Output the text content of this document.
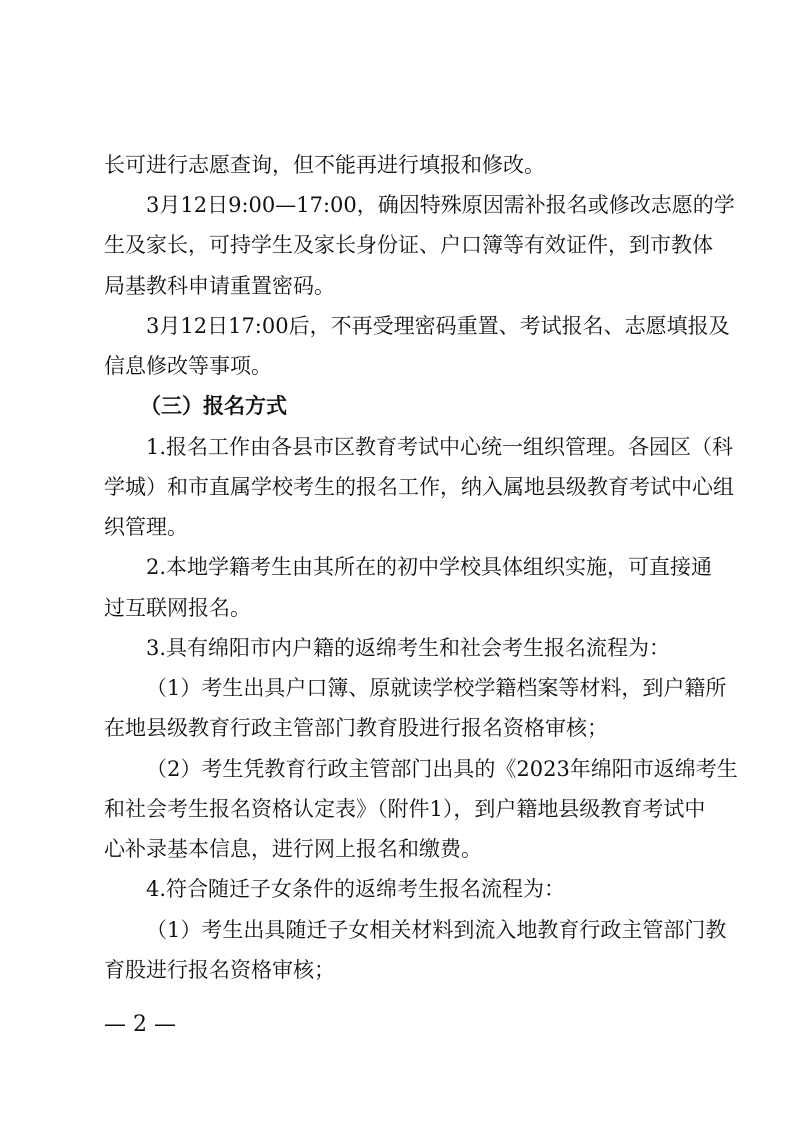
长可进行志愿查询，但不能再进行填报和修改。
3月12日9:00—17:00，确因特殊原因需补报名或修改志愿的学
生及家长，可持学生及家长身份证、户口簿等有效证件，到市教体
局基教科申请重置密码。
3月12日17:00后，不再受理密码重置、考试报名、志愿填报及
信息修改等事项。
（三）报名方式
1.报名工作由各县市区教育考试中心统一组织管理。各园区（科
学城）和市直属学校考生的报名工作，纳入属地县级教育考试中心组
织管理。
2.本地学籍考生由其所在的初中学校具体组织实施，可直接通
过互联网报名。
3.具有绵阳市内户籍的返绵考生和社会考生报名流程为：
（1）考生出具户口簿、原就读学校学籍档案等材料，到户籍所
在地县级教育行政主管部门教育股进行报名资格审核；
（2）考生凭教育行政主管部门出具的《2023年绵阳市返绵考生
和社会考生报名资格认定表》（附件1），到户籍地县级教育考试中
心补录基本信息，进行网上报名和缴费。
4.符合随迁子女条件的返绵考生报名流程为：
（1）考生出具随迁子女相关材料到流入地教育行政主管部门教
育股进行报名资格审核；
— 2 —
